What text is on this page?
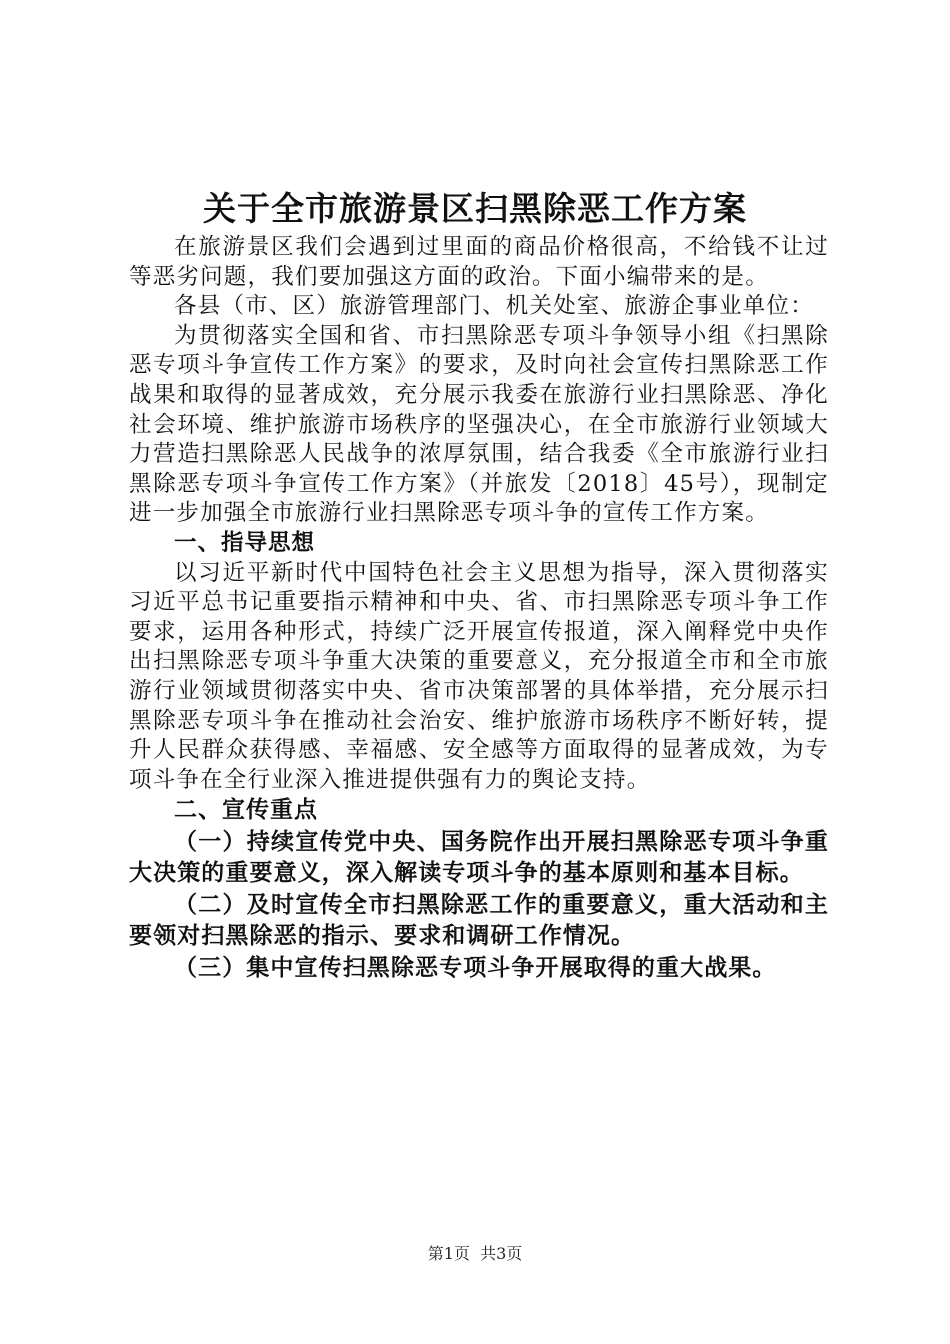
关于全市旅游景区扫黑除恶工作方案

在旅游景区我们会遇到过里面的商品价格很高，不给钱不让过等恶劣问题，我们要加强这方面的政治。下面小编带来的是。

各县（市、区）旅游管理部门、机关处室、旅游企事业单位：

为贯彻落实全国和省、市扫黑除恶专项斗争领导小组《扫黑除恶专项斗争宣传工作方案》的要求，及时向社会宣传扫黑除恶工作战果和取得的显著成效，充分展示我委在旅游行业扫黑除恶、净化社会环境、维护旅游市场秩序的坚强决心，在全市旅游行业领域大力营造扫黑除恶人民战争的浓厚氛围，结合我委《全市旅游行业扫黑除恶专项斗争宣传工作方案》（并旅发〔2018〕45号），现制定进一步加强全市旅游行业扫黑除恶专项斗争的宣传工作方案。

一、指导思想

以习近平新时代中国特色社会主义思想为指导，深入贯彻落实习近平总书记重要指示精神和中央、省、市扫黑除恶专项斗争工作要求，运用各种形式，持续广泛开展宣传报道，深入阐释党中央作出扫黑除恶专项斗争重大决策的重要意义，充分报道全市和全市旅游行业领域贯彻落实中央、省市决策部署的具体举措，充分展示扫黑除恶专项斗争在推动社会治安、维护旅游市场秩序不断好转，提升人民群众获得感、幸福感、安全感等方面取得的显著成效，为专项斗争在全行业深入推进提供强有力的舆论支持。

二、宣传重点

（一）持续宣传党中央、国务院作出开展扫黑除恶专项斗争重大决策的重要意义，深入解读专项斗争的基本原则和基本目标。

（二）及时宣传全市扫黑除恶工作的重要意义，重大活动和主要领对扫黑除恶的指示、要求和调研工作情况。

（三）集中宣传扫黑除恶专项斗争开展取得的重大战果。

第1页 共3页
